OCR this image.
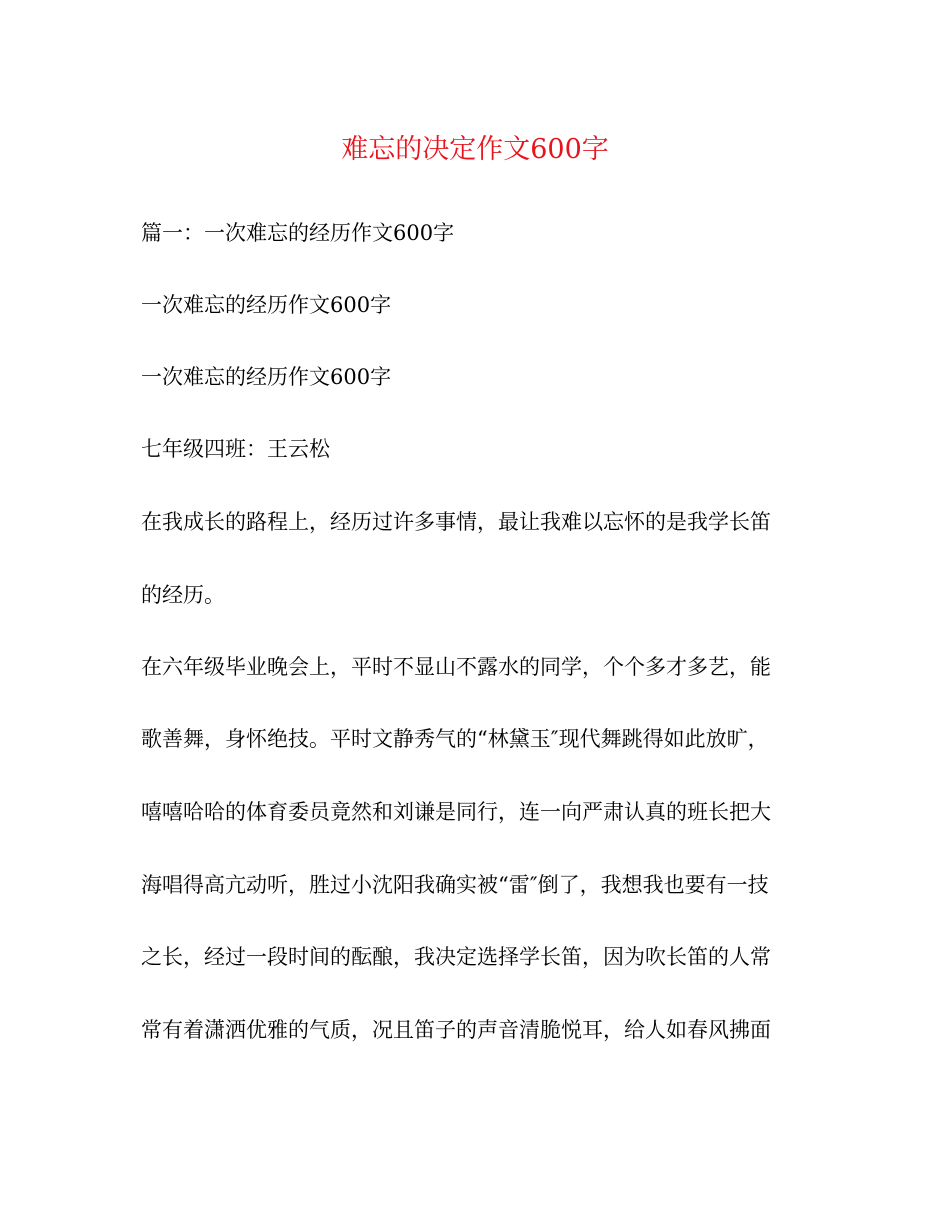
难忘的决定作文600字

篇一：一次难忘的经历作文600字

一次难忘的经历作文600字

一次难忘的经历作文600字

七年级四班：王云松

在我成长的路程上，经历过许多事情，最让我难以忘怀的是我学长笛

的经历。

在六年级毕业晚会上，平时不显山不露水的同学，个个多才多艺，能

歌善舞，身怀绝技。平时文静秀气的“林黛玉″现代舞跳得如此放旷，

嘻嘻哈哈的体育委员竟然和刘谦是同行，连一向严肃认真的班长把大

海唱得高亢动听，胜过小沈阳我确实被“雷″倒了，我想我也要有一技

之长，经过一段时间的酝酿，我决定选择学长笛，因为吹长笛的人常

常有着潇洒优雅的气质，况且笛子的声音清脆悦耳，给人如春风拂面
